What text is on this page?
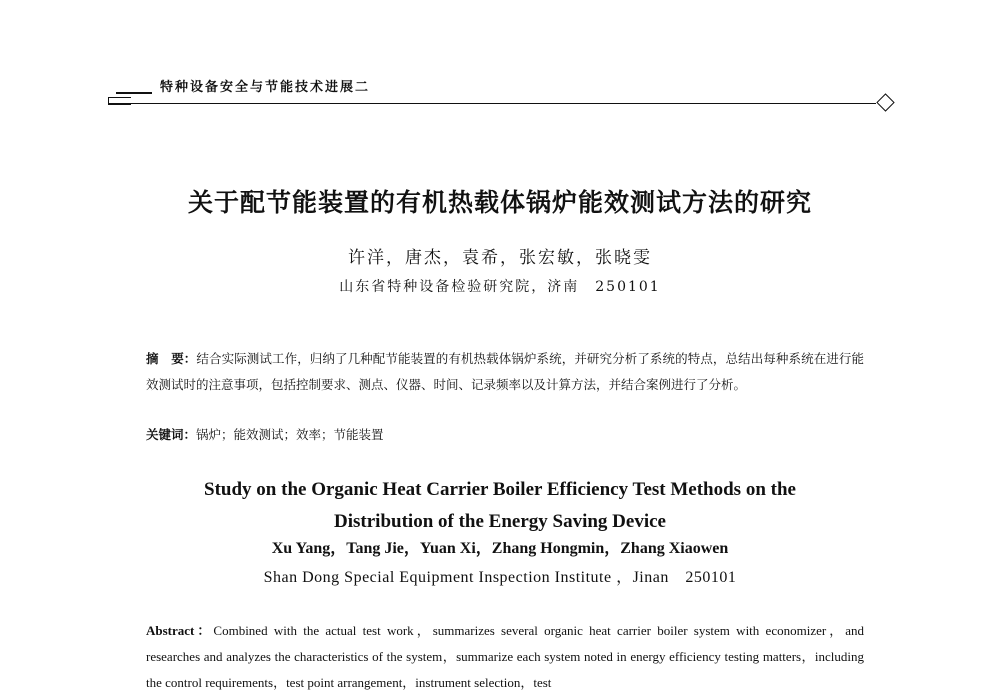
特种设备安全与节能技术进展二
关于配节能装置的有机热载体锅炉能效测试方法的研究
许洋，唐杰，袁希，张宏敏，张晓雯
山东省特种设备检验研究院，济南　250101
摘　要：结合实际测试工作，归纳了几种配节能装置的有机热载体锅炉系统，并研究分析了系统的特点，总结出每种系统在进行能效测试时的注意事项，包括控制要求、测点、仪器、时间、记录频率以及计算方法，并结合案例进行了分析。
关键词：锅炉；能效测试；效率；节能装置
Study on the Organic Heat Carrier Boiler Efficiency Test Methods on the
Distribution of the Energy Saving Device
Xu Yang，Tang Jie，Yuan Xi，Zhang Hongmin，Zhang Xiaowen
Shan Dong Special Equipment Inspection Institute ，Jinan　250101
Abstract：Combined with the actual test work，summarizes several organic heat carrier boiler system with economizer，and researches and analyzes the characteristics of the system，summarize each system noted in energy efficiency testing matters，including the control requirements，test point arrangement，instrument selection，test
